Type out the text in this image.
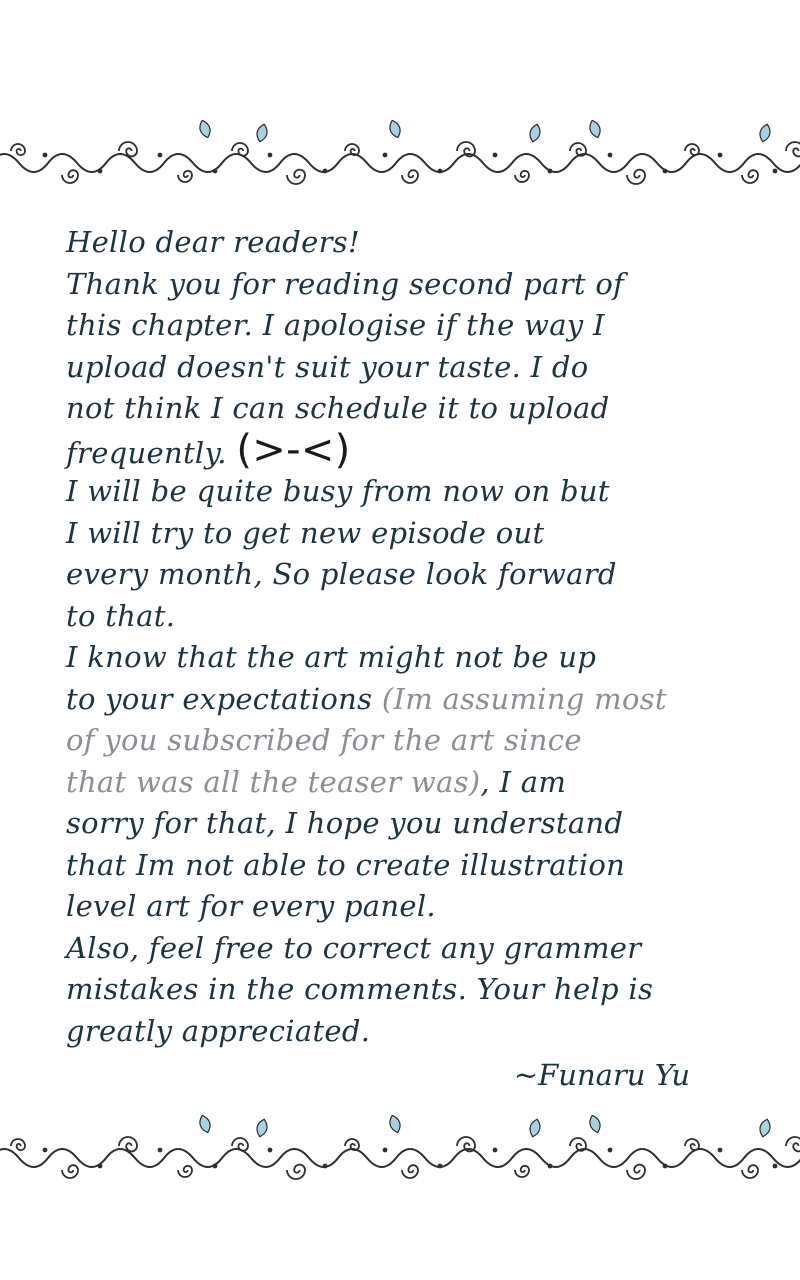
Hello dear readers!
Thank you for reading second part of
this chapter. I apologise if the way I
upload doesn't suit your taste. I do
not think I can schedule it to upload
frequently. (>-<)
I will be quite busy from now on but
I will try to get new episode out
every month, So please look forward
to that.
I know that the art might not be up
to your expectations (Im assuming most
of you subscribed for the art since
that was all the teaser was), I am
sorry for that, I hope you understand
that Im not able to create illustration
level art for every panel.
Also, feel free to correct any grammer
mistakes in the comments. Your help is
greatly appreciated.
~Funaru Yu
